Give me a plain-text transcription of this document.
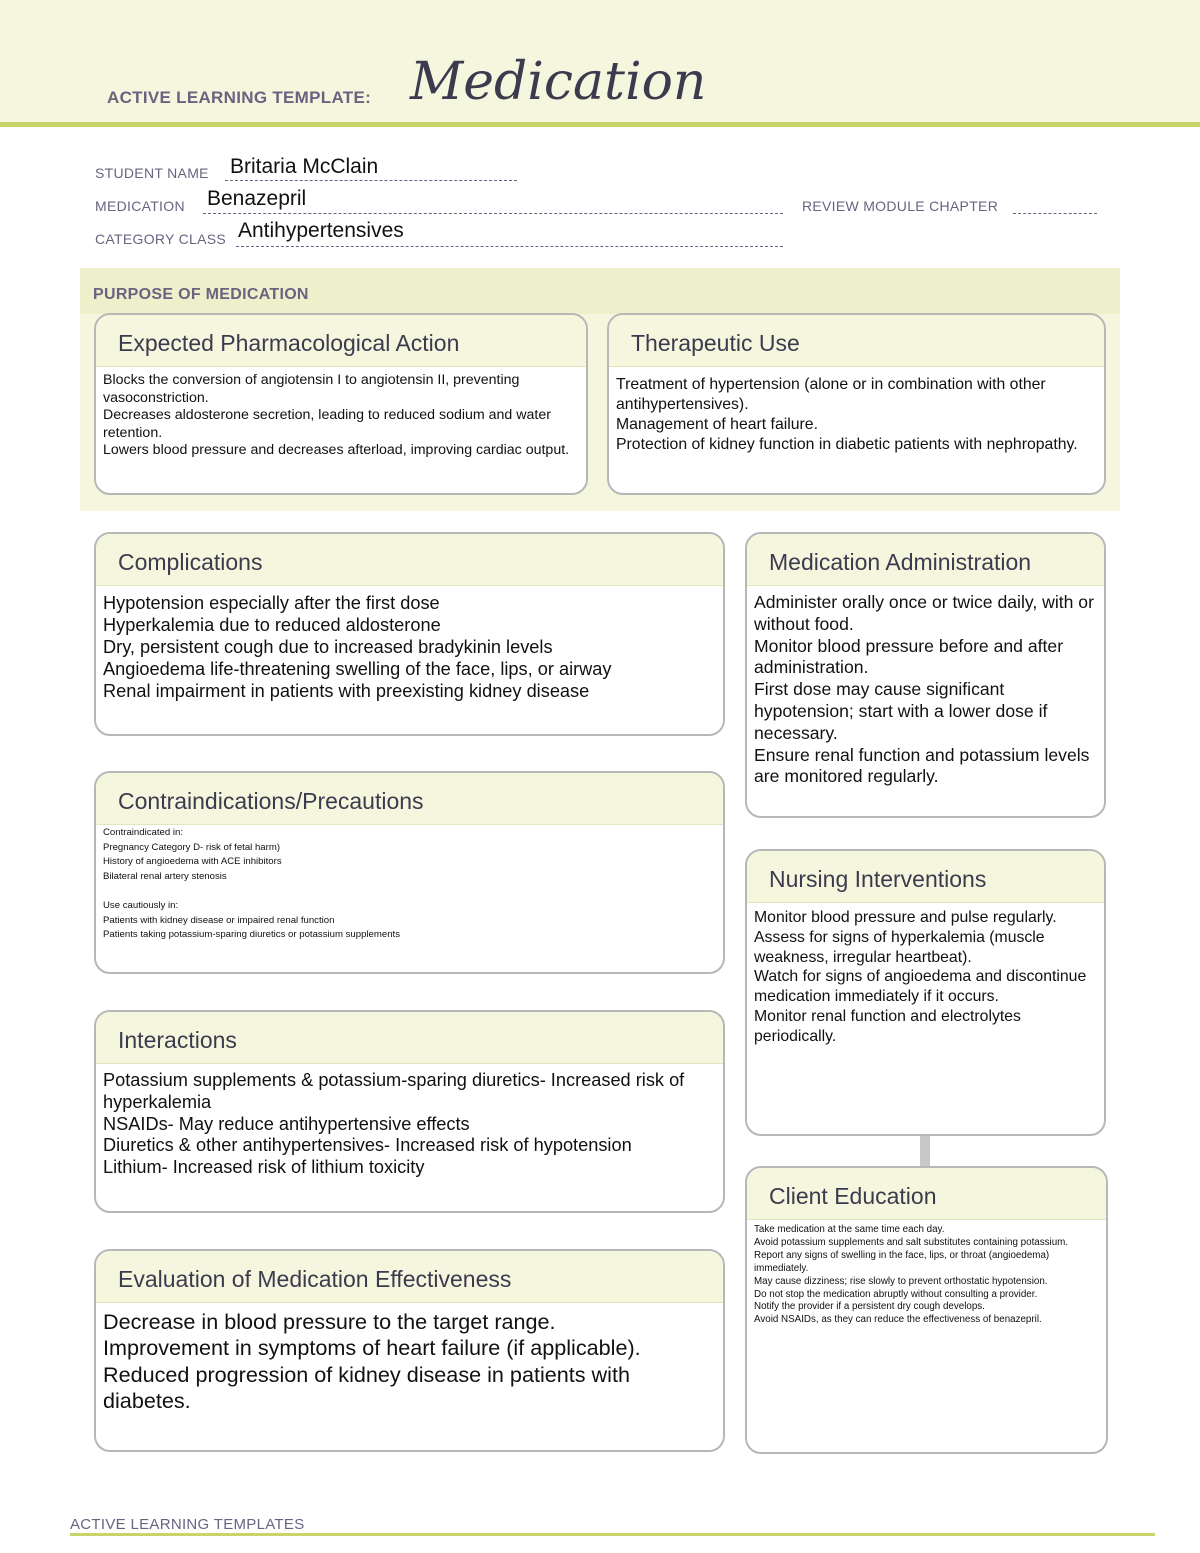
ACTIVE LEARNING TEMPLATE: Medication
STUDENT NAME Britaria McClain
MEDICATION Benazepril	REVIEW MODULE CHAPTER
CATEGORY CLASS Antihypertensives
PURPOSE OF MEDICATION
Expected Pharmacological Action
Blocks the conversion of angiotensin I to angiotensin II, preventing vasoconstriction.
Decreases aldosterone secretion, leading to reduced sodium and water retention.
Lowers blood pressure and decreases afterload, improving cardiac output.
Therapeutic Use
Treatment of hypertension (alone or in combination with other antihypertensives).
Management of heart failure.
Protection of kidney function in diabetic patients with nephropathy.
Complications
Hypotension especially after the first dose
Hyperkalemia due to reduced aldosterone
Dry, persistent cough due to increased bradykinin levels
Angioedema life-threatening swelling of the face, lips, or airway
Renal impairment in patients with preexisting kidney disease
Medication Administration
Administer orally once or twice daily, with or without food.
Monitor blood pressure before and after administration.
First dose may cause significant hypotension; start with a lower dose if necessary.
Ensure renal function and potassium levels are monitored regularly.
Contraindications/Precautions
Contraindicated in:
Pregnancy Category D- risk of fetal harm)
History of angioedema with ACE inhibitors
Bilateral renal artery stenosis

Use cautiously in:
Patients with kidney disease or impaired renal function
Patients taking potassium-sparing diuretics or potassium supplements
Nursing Interventions
Monitor blood pressure and pulse regularly.
Assess for signs of hyperkalemia (muscle weakness, irregular heartbeat).
Watch for signs of angioedema and discontinue medication immediately if it occurs.
Monitor renal function and electrolytes periodically.
Interactions
Potassium supplements & potassium-sparing diuretics- Increased risk of hyperkalemia
NSAIDs- May reduce antihypertensive effects
Diuretics & other antihypertensives- Increased risk of hypotension
Lithium- Increased risk of lithium toxicity
Client Education
Take medication at the same time each day.
Avoid potassium supplements and salt substitutes containing potassium.
Report any signs of swelling in the face, lips, or throat (angioedema) immediately.
May cause dizziness; rise slowly to prevent orthostatic hypotension.
Do not stop the medication abruptly without consulting a provider.
Notify the provider if a persistent dry cough develops.
Avoid NSAIDs, as they can reduce the effectiveness of benazepril.
Evaluation of Medication Effectiveness
Decrease in blood pressure to the target range.
Improvement in symptoms of heart failure (if applicable).
Reduced progression of kidney disease in patients with diabetes.
ACTIVE LEARNING TEMPLATES
